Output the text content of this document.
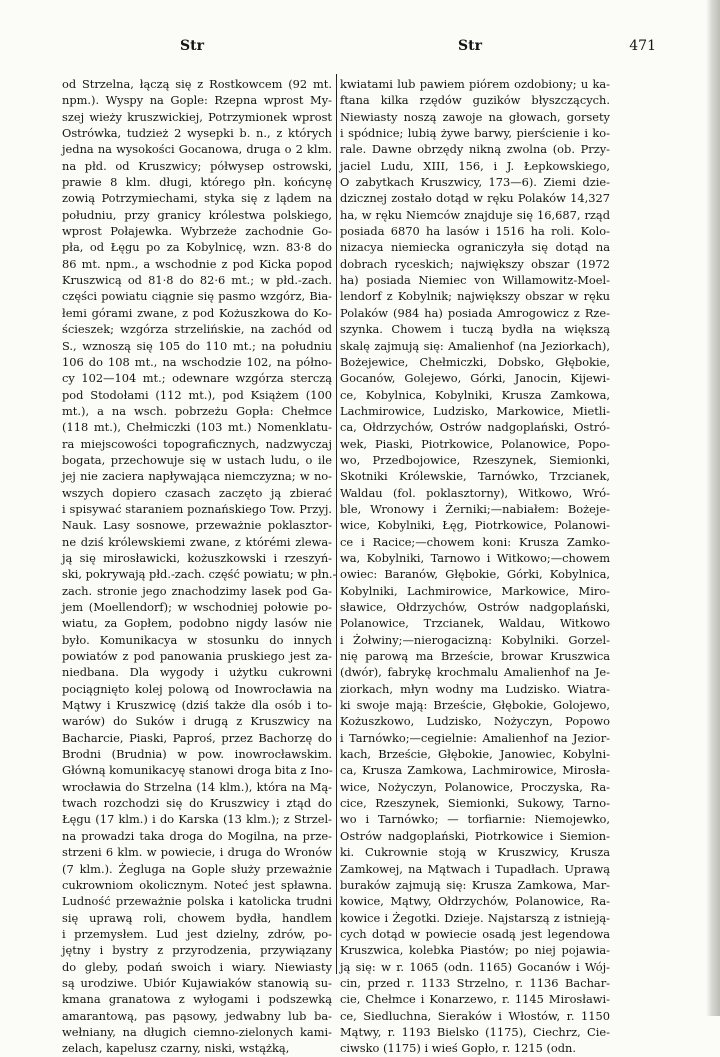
Str	Str	471
od Strzelna, łączą się z Rostkowcem (92 mt.
npm.). Wyspy na Goplе: Rzepna wprost My-
szej wieży kruszwickiej, Potrzymionek wprost
Ostrówka, tudzież 2 wysepki b. n., z których
jedna na wysokości Gocanowa, druga o 2 klm.
na płd. od Kruszwicy; półwysep ostrowski,
prawie 8 klm. długi, którego płn. końcynę
zowią Potrzymiechami, styka się z lądem na
południu, przy granicy królestwa polskiego,
wprost Połajewka. Wybrzeże zachodnie Go-
pła, od Łęgu po za Kobylnicę, wzn. 83·8 do
86 mt. npm., a wschodnie z pod Kicka popod
Kruszwicą od 81·8 do 82·6 mt.; w płd.-zach.
części powiatu ciągnie się pasmo wzgórz, Bia-
łemi górami zwane, z pod Kożuszkowa do Ko-
ścieszek; wzgórza strzelińskie, na zachód od
S., wznoszą się 105 do 110 mt.; na południu
106 do 108 mt., na wschodzie 102, na półno-
cy 102—104 mt.; odewnare wzgórza sterczą
pod Stodołami (112 mt.), pod Książem (100
mt.), a na wsch. pobrzeżu Gopła: Chełmce
(118 mt.), Chełmiczki (103 mt.) Nomenklatu-
ra miejscowości topograficznych, nadzwyczaj
bogata, przechowuje się w ustach ludu, o ile
jej nie zaciera napływająca niemczyzna; w no-
wszych dopiero czasach zaczęto ją zbierać
i spisywać staraniem poznańskiego Tow. Przyj.
Nauk. Lasy sosnowe, przeważnie poklasztor-
ne dziś królewskiemi zwane, z którémi zlewa-
ją się mirosławicki, kożuszkowski i rzeszyń-
ski, pokrywają płd.-zach. część powiatu; w płn.-
zach. stronie jego znachodzimy lasek pod Ga-
jem (Moellendorf); w wschodniej połowie po-
wiatu, za Gopłem, podobno nigdy lasów nie
było. Komunikacya w stosunku do innych
powiatów z pod panowania pruskiego jest za-
niedbana. Dla wygody i użytku cukrowni
pociągnięto kolej polową od Inowrocławia na
Mątwy i Kruszwicę (dziś także dla osób i to-
warów) do Suków i drugą z Kruszwicy na
Bacharcie, Piaski, Paproś, przez Bachorzę do
Brodni (Brudnia) w pow. inowrocławskim.
Główną komunikacyę stanowi droga bita z Ino-
wrocławia do Strzelna (14 klm.), która na Mą-
twach rozchodzi się do Kruszwicy i ztąd do
Łęgu (17 klm.) i do Karska (13 klm.); z Strzel-
na prowadzi taka droga do Mogilna, na prze-
strzeni 6 klm. w powiecie, i druga do Wronów
(7 klm.). Żegluga na Gople służy przeważnie
cukrowniom okolicznym. Noteć jest spławna.
Ludność przeważnie polska i katolicka trudni
się uprawą roli, chowem bydła, handlem
i przemysłem. Lud jest dzielny, zdrów, po-
jętny i bystry z przyrodzenia, przywiązany
do gleby, podań swoich i wiary. Niewiasty
są urodziwe. Ubiór Kujawiaków stanowią su-
kmana granatowa z wyłogami i podszewką
amarantową, pas pąsowy, jedwabny lub ba-
wełniany, na długich ciemno-zielonych kami-
zelach, kapelusz czarny, niski, wstążką,
kwiatami lub pawiem piórem ozdobiony; u ka-
ftana kilka rzędów guzików błyszczących.
Niewiasty noszą zawoje na głowach, gorsety
i spódnice; lubią żywe barwy, pierścienie i ko-
rale. Dawne obrzędy nikną zwolna (ob. Przy-
jaciel Ludu, XIII, 156, i J. Łepkowskiego,
O zabytkach Kruszwicy, 173—6). Ziemi dzie-
dzicznej zostało dotąd w ręku Polaków 14,327
ha, w ręku Niemców znajduje się 16,687, rząd
posiada 6870 ha lasów i 1516 ha roli. Kolo-
nizacya niemiecka ograniczyła się dotąd na
dobrach ryceskich; największy obszar (1972
ha) posiada Niemiec von Willamowitz-Moel-
lendorf z Kobylnik; największy obszar w ręku
Polaków (984 ha) posiada Amrogowicz z Rze-
szynka. Chowem i tuczą bydła na większą
skalę zajmują się: Amalienhof (na Jeziorkach),
Bożejewice, Chełmiczki, Dobsko, Głębokie,
Gocanów, Golejewo, Górki, Janocin, Kijewi-
ce, Kobylnica, Kobylniki, Krusza Zamkowa,
Lachmirowice, Ludzisko, Markowice, Mietli-
ca, Ołdrzychów, Ostrów nadgoplański, Ostró-
wek, Piaski, Piotrkowice, Polanowice, Popo-
wo, Przedbojowice, Rzeszynek, Siemionki,
Skotniki Królewskie, Tarnówko, Trzcianek,
Waldau (fol. poklasztorny), Witkowo, Wró-
ble, Wronowy i Żerniki;—nabiałem: Bożeje-
wice, Kobylniki, Łęg, Piotrkowice, Polanowi-
ce i Racice;—chowem koni: Krusza Zamko-
wa, Kobylniki, Tarnowo i Witkowo;—chowem
owiec: Baranów, Głębokie, Górki, Kobylnica,
Kobylniki, Lachmirowice, Markowice, Miro-
sławice, Ołdrzychów, Ostrów nadgoplański,
Polanowice, Trzcianek, Waldau, Witkowo
i Żołwiny;—nierogacizną: Kobylniki. Gorzel-
nię parową ma Brzeście, browar Kruszwica
(dwór), fabrykę krochmalu Amalienhof na Je-
ziorkach, młyn wodny ma Ludzisko. Wiatra-
ki swoje mają: Brzeście, Głębokie, Golojewo,
Kożuszkowo, Ludzisko, Nożyczyn, Popowo
i Tarnówko;—cegielnie: Amalienhof na Jezior-
kach, Brzeście, Głębokie, Janowiec, Kobylni-
ca, Krusza Zamkowa, Lachmirowice, Mirosła-
wice, Nożyczyn, Polanowice, Proczyska, Ra-
cice, Rzeszynek, Siemionki, Sukowy, Tarno-
wo i Tarnówko; — torfiarnie: Niemojewko,
Ostrów nadgoplański, Piotrkowice i Siemion-
ki. Cukrownie stoją w Kruszwicy, Krusza
Zamkowej, na Mątwach i Tupadłach. Uprawą
buraków zajmują się: Krusza Zamkowa, Mar-
kowice, Mątwy, Ołdrzychów, Polanowice, Ra-
kowice i Żegotki. Dzieje. Najstarszą z istnieją-
cych dotąd w powiecie osadą jest legendowa
Kruszwica, kolebka Piastów; po niej pojawia-
ją się: w r. 1065 (odn. 1165) Gocanów i Wój-
cin, przed r. 1133 Strzelno, r. 1136 Bachar-
cie, Chełmce i Konarzewo, r. 1145 Mirosławi-
ce, Siedluchna, Sieraków i Włostów, r. 1150
Mątwy, r. 1193 Bielsko (1175), Ciechrz, Cie-
ciwsko (1175) i wieś Gopło, r. 1215 (odn.
